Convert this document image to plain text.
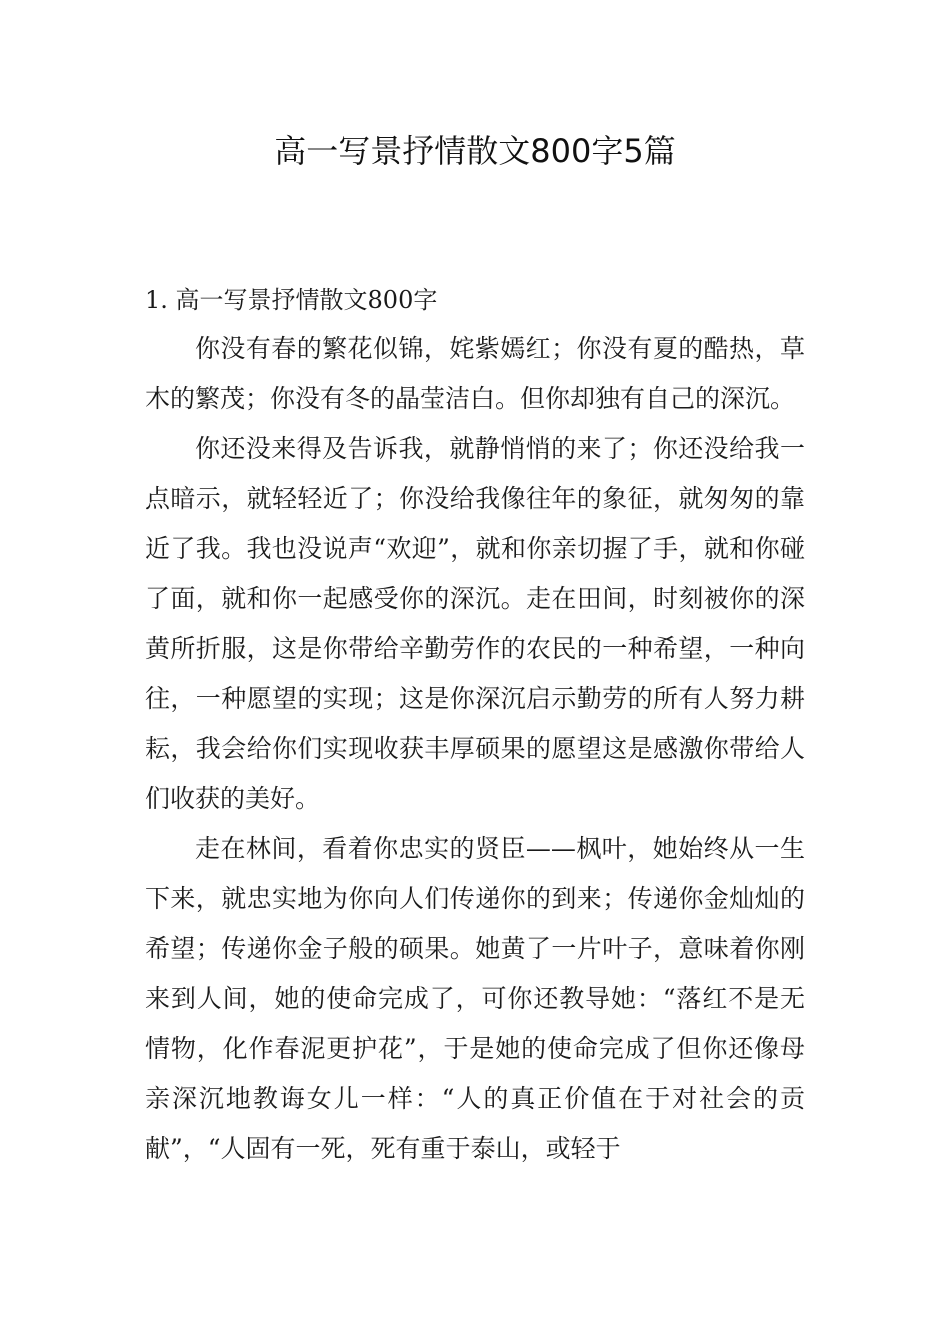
高一写景抒情散文800字5篇

1. 高一写景抒情散文800字

你没有春的繁花似锦，姹紫嫣红；你没有夏的酷热，草木的繁茂；你没有冬的晶莹洁白。但你却独有自己的深沉。

你还没来得及告诉我，就静悄悄的来了；你还没给我一点暗示，就轻轻近了；你没给我像往年的象征，就匆匆的靠近了我。我也没说声“欢迎”，就和你亲切握了手，就和你碰了面，就和你一起感受你的深沉。走在田间，时刻被你的深黄所折服，这是你带给辛勤劳作的农民的一种希望，一种向往，一种愿望的实现；这是你深沉启示勤劳的所有人努力耕耘，我会给你们实现收获丰厚硕果的愿望这是感激你带给人们收获的美好。

走在林间，看着你忠实的贤臣——枫叶，她始终从一生下来，就忠实地为你向人们传递你的到来；传递你金灿灿的希望；传递你金子般的硕果。她黄了一片叶子，意味着你刚来到人间，她的使命完成了，可你还教导她：“落红不是无情物，化作春泥更护花”，于是她的使命完成了但你还像母亲深沉地教诲女儿一样：“人的真正价值在于对社会的贡献”，“人固有一死，死有重于泰山，或轻于
